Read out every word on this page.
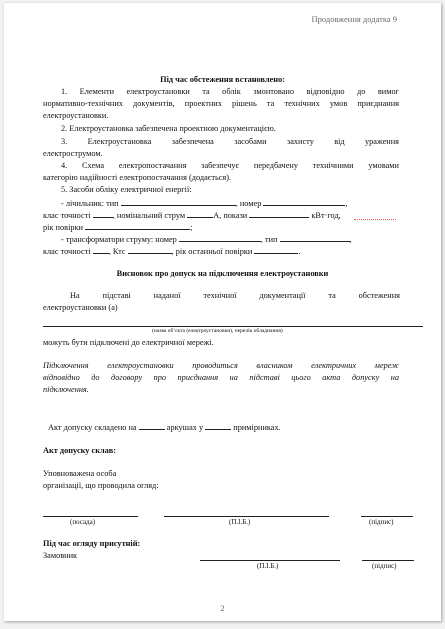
Продовження додатка 9
Під час обстеження встановлено:
1. Елементи електроустановки та облік змонтовано відповідно до вимог
нормативно-технічних документів, проектних рішень та технічних умов приєднання
електроустановки.
2. Електроустановка забезпечена проектною документацією.
3. Електроустановка забезпечена засобами захисту від ураження
електрострумом.
4. Схема електропостачання забезпечує передбачену технічними умовами
категорію надійності електропостачання (додається).
5. Засоби обліку електричної енергії:
- лічильник: тип	, номер	,
клас точності	, номінальний струм	А, покази	кВт·год,
рік повірки	;
- трансформатори струму: номер	, тип	,
клас точності , Ктс	, рік останньої повірки	.
Висновок про допуск на підключення електроустановки
На підставі наданої технічної документації та обстеження
електроустановки (а)
(назва об’єкта (електроустановки), перелік обладнання)
можуть бути підключені до електричної мережі.
Підключення електроустановки проводиться власником електричних мереж
відповідно до договору про приєднання на підставі цього акта допуску на
підключення.
Акт допуску складено на	аркушах у	примірниках.
Акт допуску склав:
Уповноважена особа
організації, що проводила огляд:
(посада)	(П.І.Б.)	(підпис)
Під час огляду присутній:
Замовник
(П.І.Б.)	(підпис)
2
